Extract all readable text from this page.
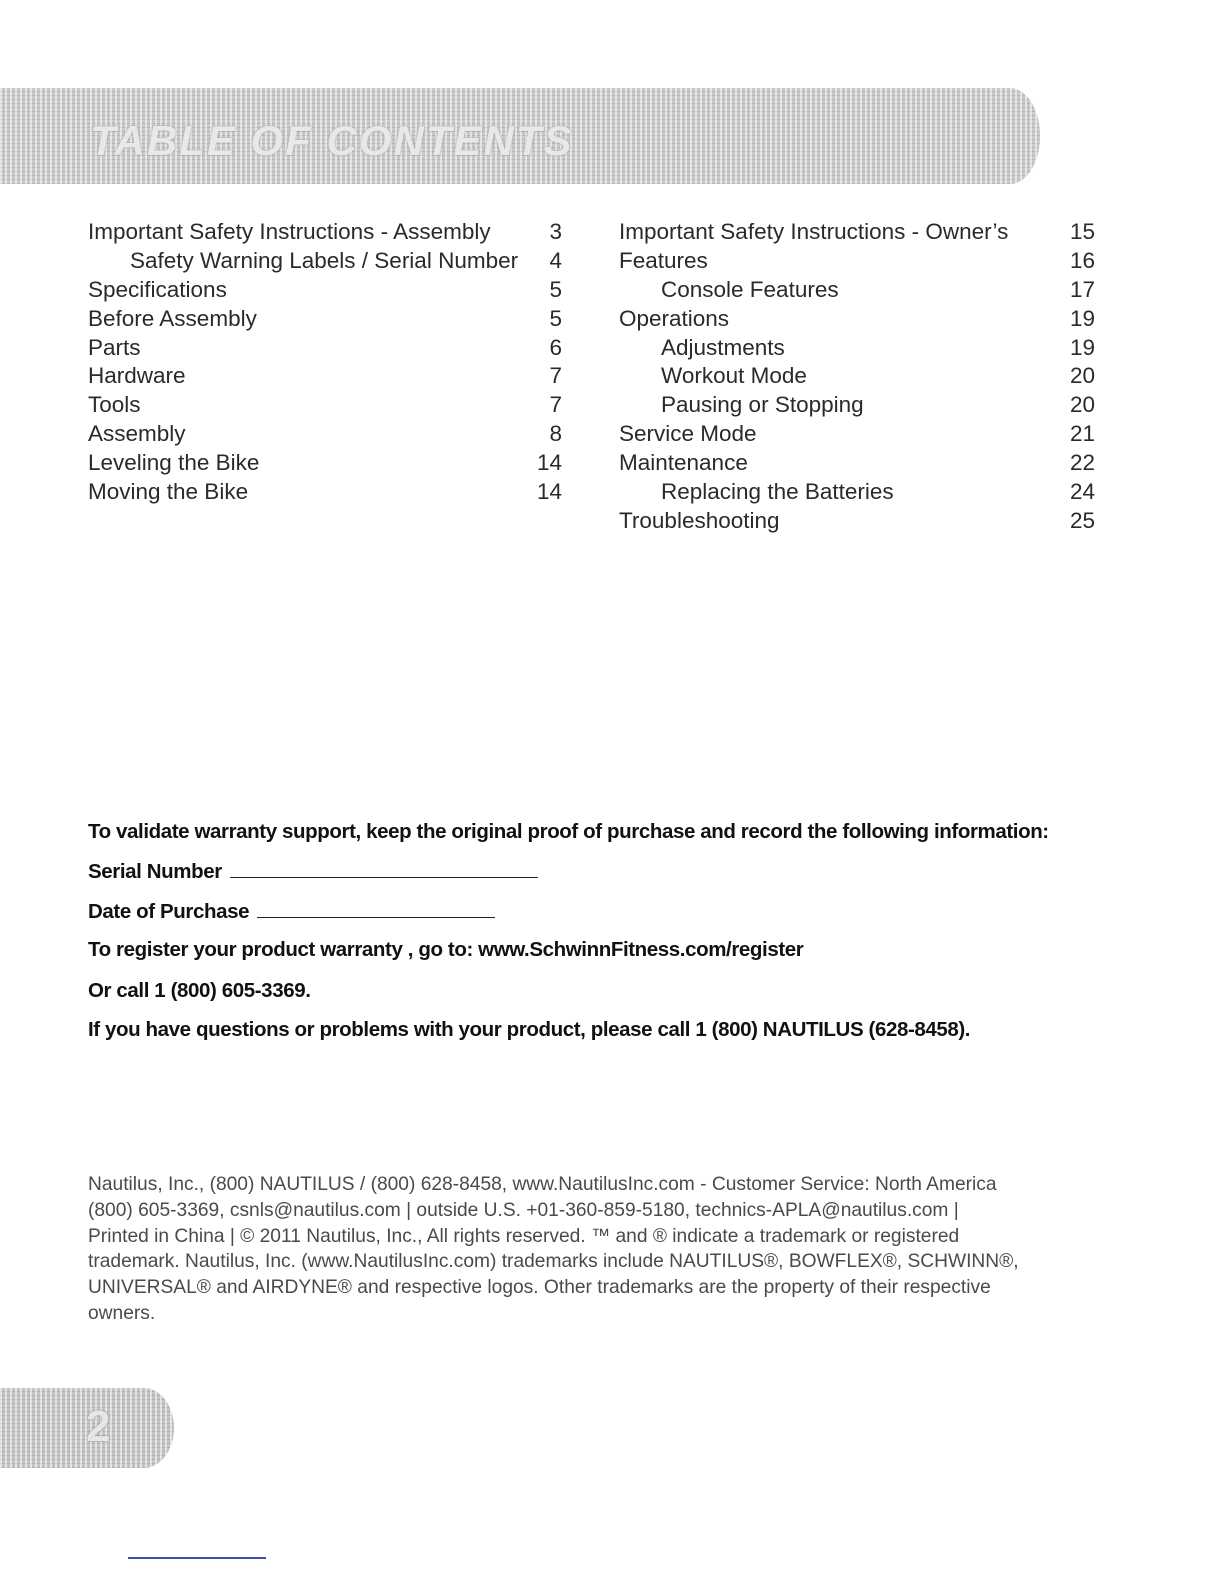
TABLE OF CONTENTS
Important Safety Instructions - Assembly	3
Safety Warning Labels / Serial Number 4
Specifications	5
Before Assembly	5
Parts	6
Hardware	7
Tools	7
Assembly	8
Leveling the Bike	14
Moving the Bike	14
Important Safety Instructions - Owner’s	15
Features	16
Console Features	17
Operations	19
Adjustments	19
Workout Mode	20
Pausing or Stopping	20
Service Mode	21
Maintenance	22
Replacing the Batteries	24
Troubleshooting	25
To validate warranty support, keep the original proof of purchase and record the following information:
Serial Number
Date of Purchase
To register your product warranty , go to: www.SchwinnFitness.com/register
Or call 1 (800) 605-3369.
If you have questions or problems with your product, please call 1 (800) NAUTILUS (628-8458).
Nautilus, Inc., (800) NAUTILUS / (800) 628-8458, www.NautilusInc.com - Customer Service: North America
(800) 605-3369, csnls@nautilus.com | outside U.S. +01-360-859-5180, technics-APLA@nautilus.com |
Printed in China | © 2011 Nautilus, Inc., All rights reserved. ™ and ® indicate a trademark or registered
trademark. Nautilus, Inc. (www.NautilusInc.com) trademarks include NAUTILUS®, BOWFLEX®, SCHWINN®,
UNIVERSAL® and AIRDYNE® and respective logos. Other trademarks are the property of their respective
owners.
2
